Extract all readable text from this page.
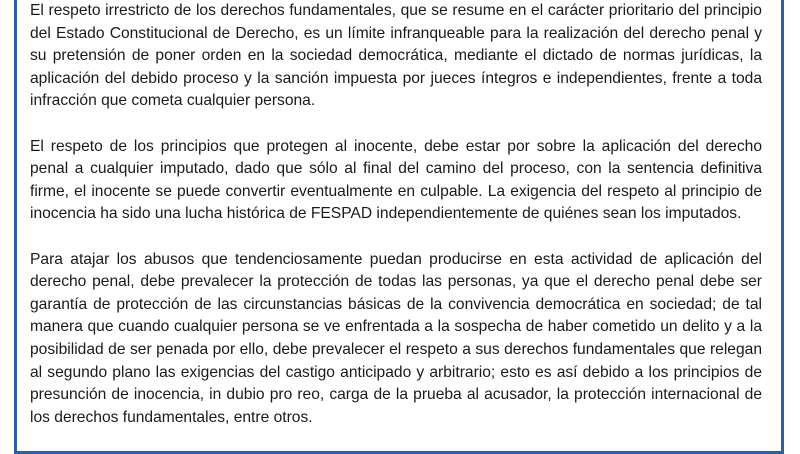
El respeto irrestricto de los derechos fundamentales, que se resume en el carácter prioritario del principio del Estado Constitucional de Derecho, es un límite infranqueable para la realización del derecho penal y su pretensión de poner orden en la sociedad democrática, mediante el dictado de normas jurídicas, la aplicación del debido proceso y la sanción impuesta por jueces íntegros e independientes, frente a toda infracción que cometa cualquier persona.

El respeto de los principios que protegen al inocente, debe estar por sobre la aplicación del derecho penal a cualquier imputado, dado que sólo al final del camino del proceso, con la sentencia definitiva firme, el inocente se puede convertir eventualmente en culpable. La exigencia del respeto al principio de inocencia ha sido una lucha histórica de FESPAD independientemente de quiénes sean los imputados.

Para atajar los abusos que tendenciosamente puedan producirse en esta actividad de aplicación del derecho penal, debe prevalecer la protección de todas las personas, ya que el derecho penal debe ser garantía de protección de las circunstancias básicas de la convivencia democrática en sociedad; de tal manera que cuando cualquier persona se ve enfrentada a la sospecha de haber cometido un delito y a la posibilidad de ser penada por ello, debe prevalecer el respeto a sus derechos fundamentales que relegan al segundo plano las exigencias del castigo anticipado y arbitrario; esto es así debido a los principios de presunción de inocencia, in dubio pro reo, carga de la prueba al acusador, la protección internacional de los derechos fundamentales, entre otros.
